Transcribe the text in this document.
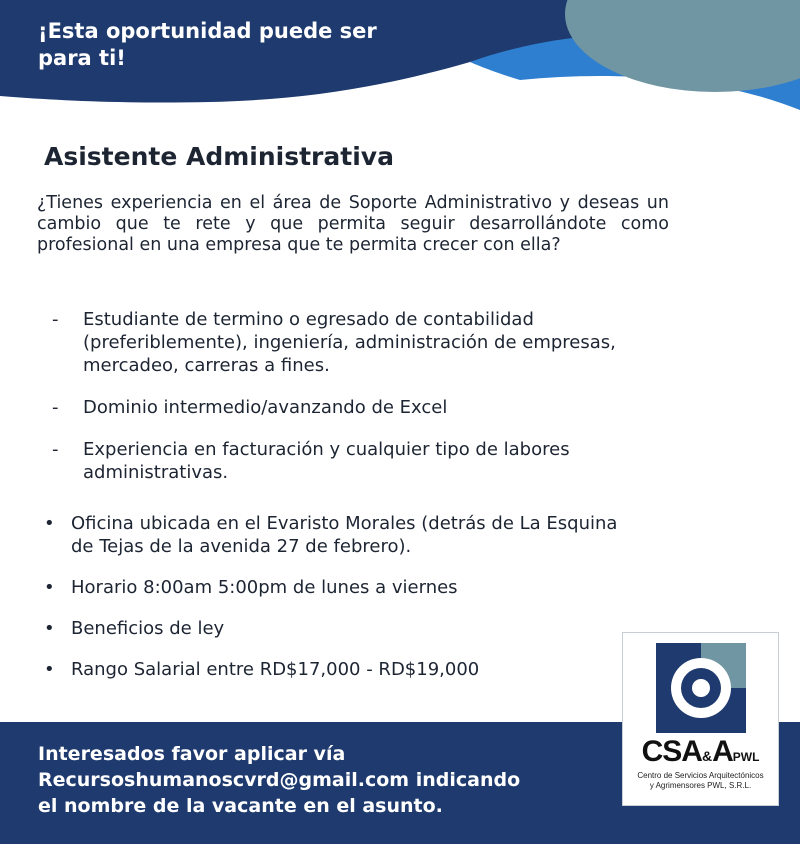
¡Esta oportunidad puede ser
para ti!

Asistente Administrativa

¿Tienes experiencia en el área de Soporte Administrativo y deseas un cambio que te rete y que permita seguir desarrollándote como profesional en una empresa que te permita crecer con ella?

- Estudiante de termino o egresado de contabilidad (preferiblemente), ingeniería, administración de empresas, mercadeo, carreras a fines.
- Dominio intermedio/avanzando de Excel
- Experiencia en facturación y cualquier tipo de labores administrativas.
• Oficina ubicada en el Evaristo Morales (detrás de La Esquina de Tejas de la avenida 27 de febrero).
• Horario 8:00am 5:00pm de lunes a viernes
• Beneficios de ley
• Rango Salarial entre RD$17,000 - RD$19,000

Interesados favor aplicar vía
Recursoshumanoscvrd@gmail.com indicando
el nombre de la vacante en el asunto.

CSA&APWL
Centro de Servicios Arquitectónicos
y Agrimensores PWL, S.R.L.
